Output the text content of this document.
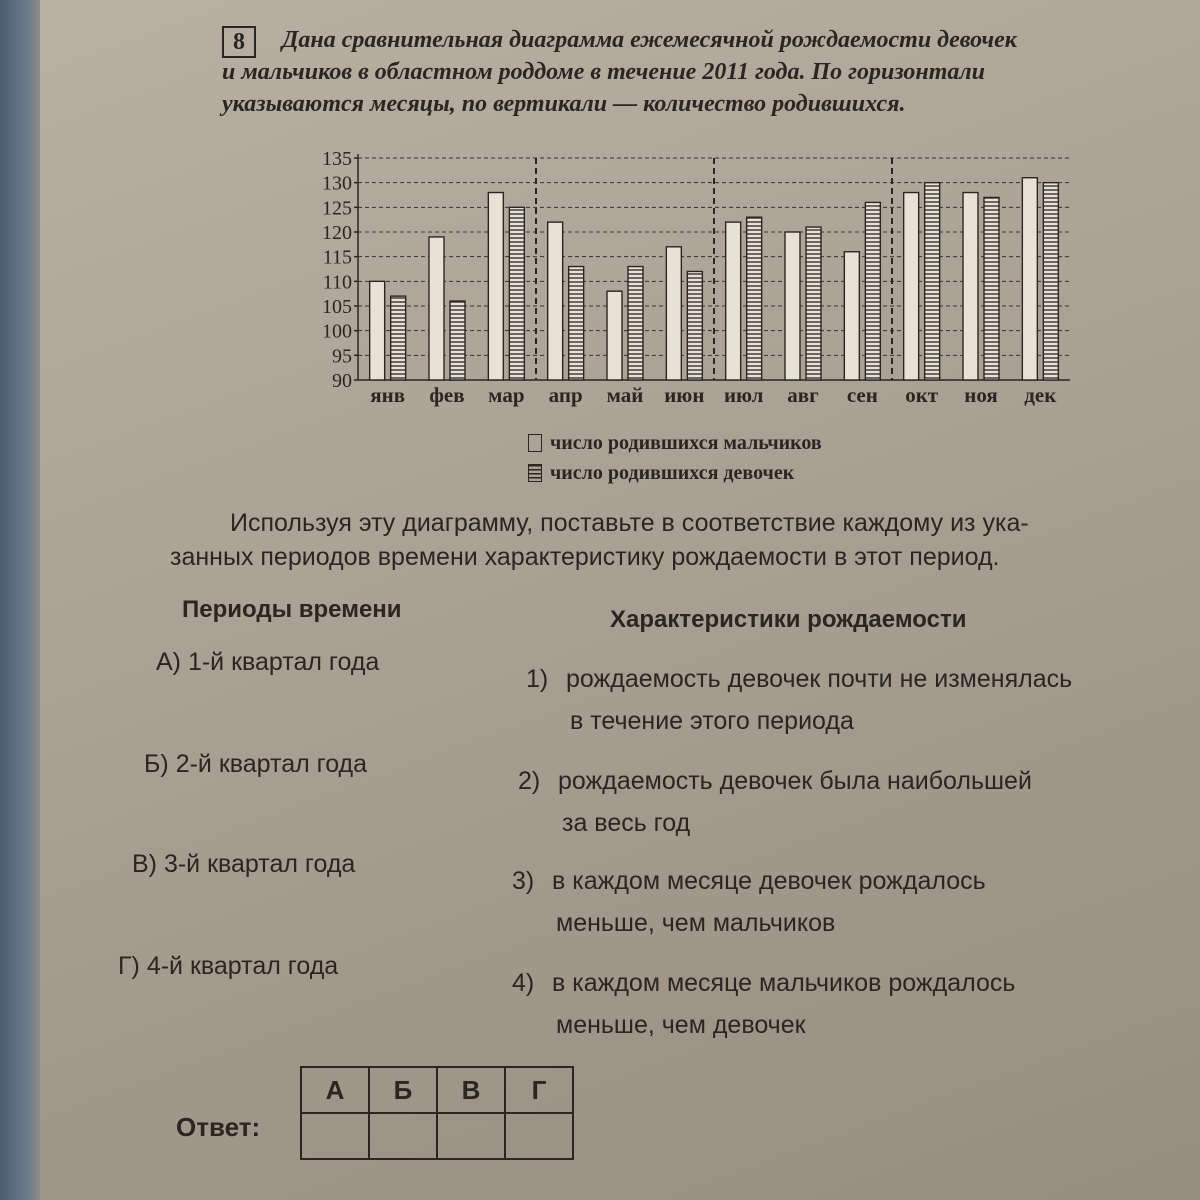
8	Дана сравнительная диаграмма ежемесячной рождаемости девочек
и мальчиков в областном роддоме в течение 2011 года. По горизонтали
указываются месяцы, по вертикали — количество родившихся.

135
130
125
120
115
110
105
100
95
90
янв фев мар апр май июн июл авг сен окт ноя дек
число родившихся мальчиков
число родившихся девочек

Используя эту диаграмму, поставьте в соответствие каждому из ука-
занных периодов времени характеристику рождаемости в этот период.

Периоды времени	Характеристики рождаемости
А) 1-й квартал года
Б) 2-й квартал года
В) 3-й квартал года
Г) 4-й квартал года
1) рождаемость девочек почти не изменялась
в течение этого периода
2) рождаемость девочек была наибольшей
за весь год
3) в каждом месяце девочек рождалось
меньше, чем мальчиков
4) в каждом месяце мальчиков рождалось
меньше, чем девочек
Ответ:
А	Б	В	Г
